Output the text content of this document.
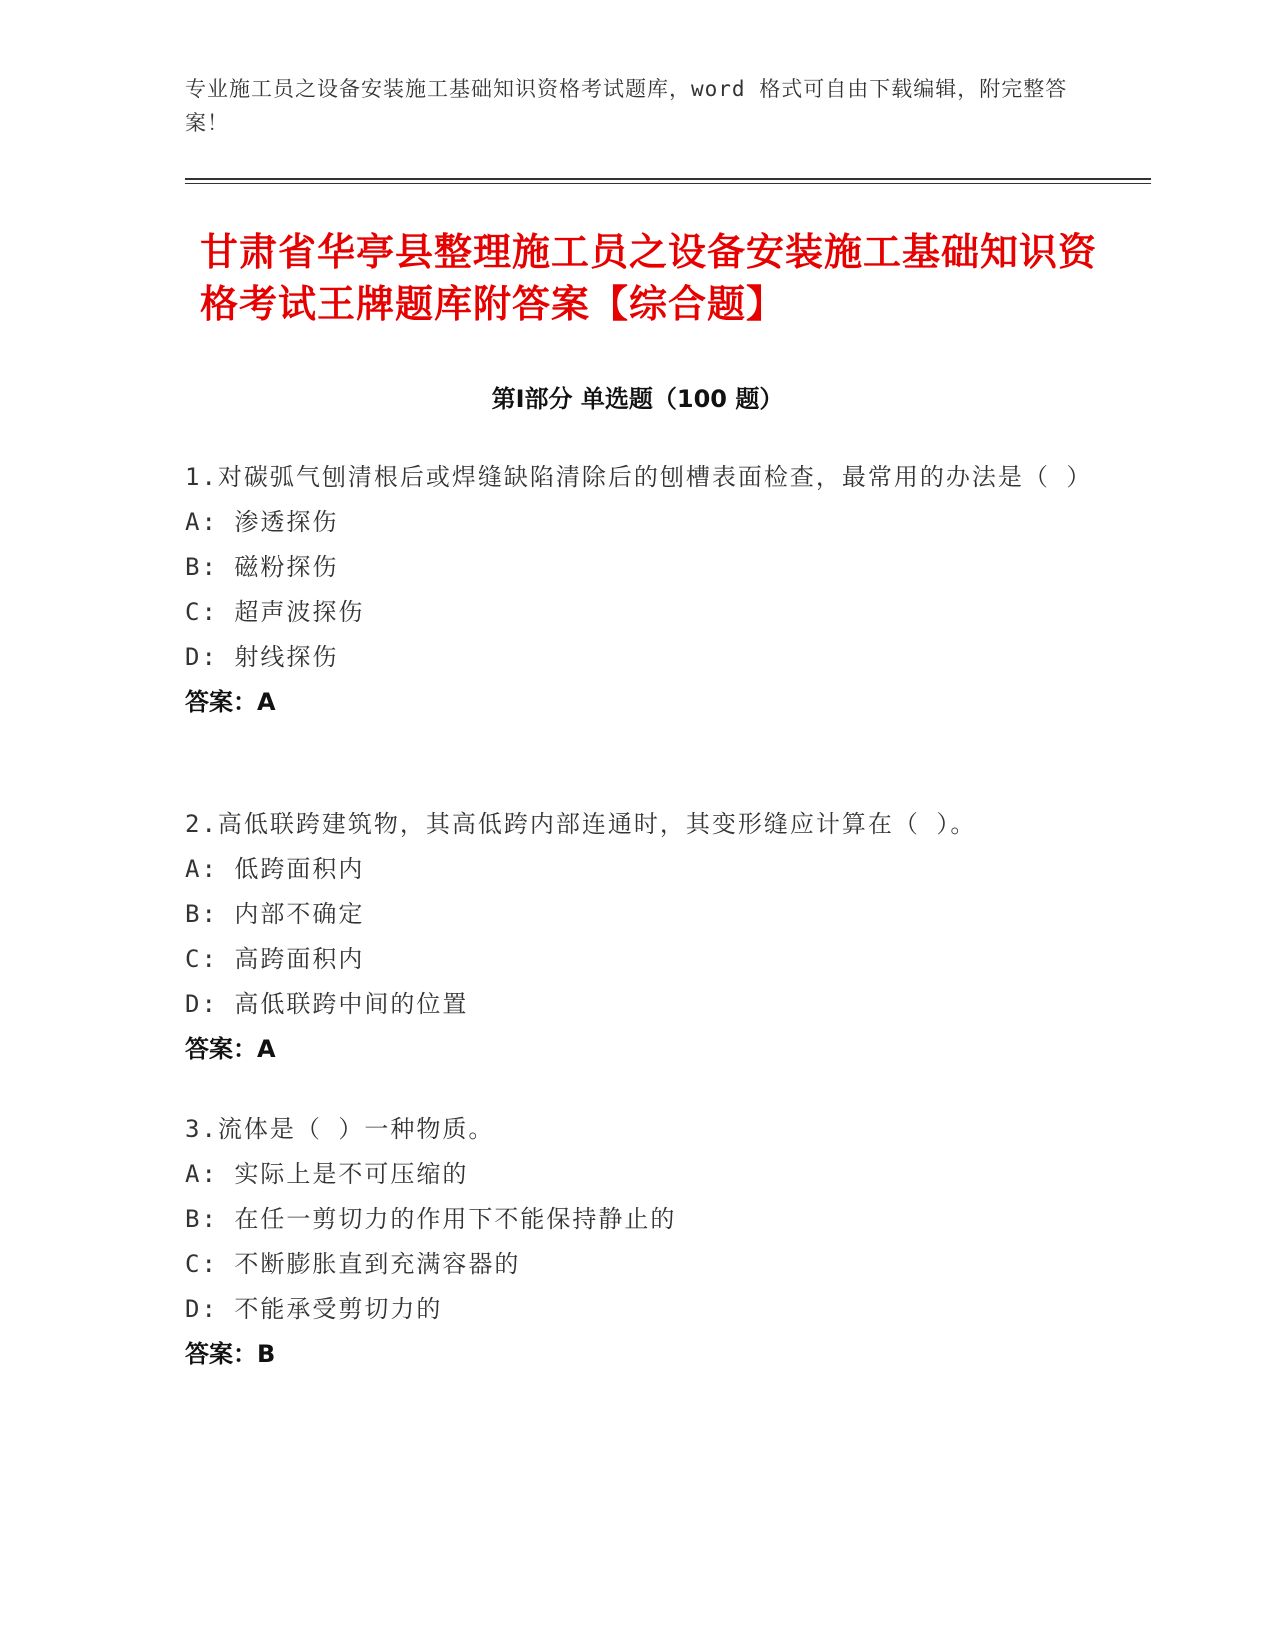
专业施工员之设备安装施工基础知识资格考试题库，word 格式可自由下载编辑，附完整答案！
甘肃省华亭县整理施工员之设备安装施工基础知识资格考试王牌题库附答案【综合题】
第Ⅰ部分 单选题（100 题）
1.对碳弧气刨清根后或焊缝缺陷清除后的刨槽表面检查，最常用的办法是（ ）
A: 渗透探伤
B: 磁粉探伤
C: 超声波探伤
D: 射线探伤
答案：A
2.高低联跨建筑物，其高低跨内部连通时，其变形缝应计算在（ ）。
A: 低跨面积内
B: 内部不确定
C: 高跨面积内
D: 高低联跨中间的位置
答案：A
3.流体是（ ）一种物质。
A: 实际上是不可压缩的
B: 在任一剪切力的作用下不能保持静止的
C: 不断膨胀直到充满容器的
D: 不能承受剪切力的
答案：B
